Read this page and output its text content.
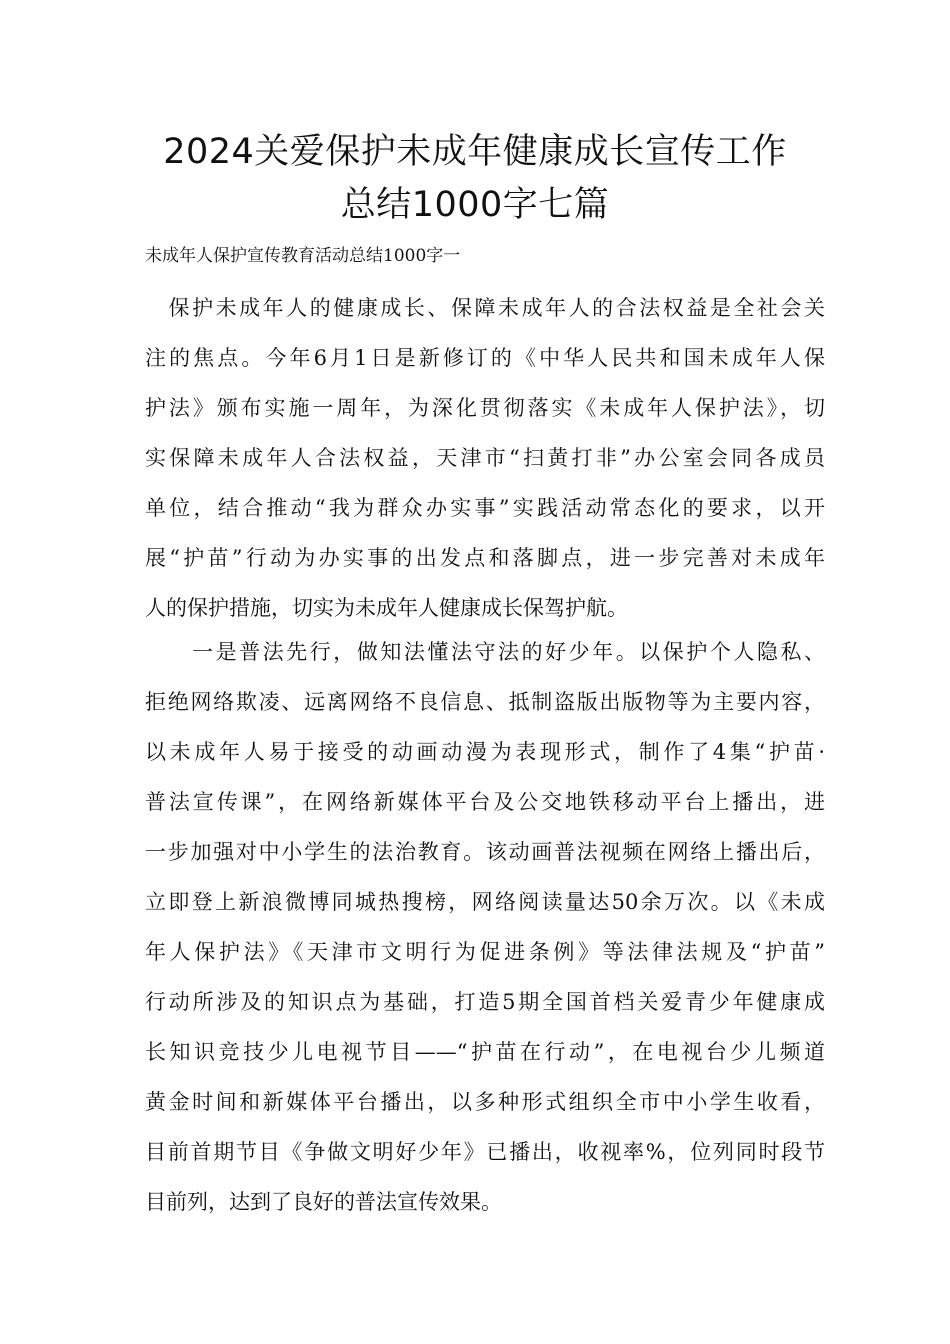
2024关爱保护未成年健康成长宣传工作
总结1000字七篇

未成年人保护宣传教育活动总结1000字一

　保护未成年人的健康成长、保障未成年人的合法权益是全社会关
注的焦点。今年6月1日是新修订的《中华人民共和国未成年人保
护法》颁布实施一周年，为深化贯彻落实《未成年人保护法》，切
实保障未成年人合法权益，天津市“扫黄打非”办公室会同各成员
单位，结合推动“我为群众办实事”实践活动常态化的要求，以开
展“护苗”行动为办实事的出发点和落脚点，进一步完善对未成年
人的保护措施，切实为未成年人健康成长保驾护航。
　　一是普法先行，做知法懂法守法的好少年。以保护个人隐私、
拒绝网络欺凌、远离网络不良信息、抵制盗版出版物等为主要内容，
以未成年人易于接受的动画动漫为表现形式，制作了4集“护苗·
普法宣传课”，在网络新媒体平台及公交地铁移动平台上播出，进
一步加强对中小学生的法治教育。该动画普法视频在网络上播出后，
立即登上新浪微博同城热搜榜，网络阅读量达50余万次。以《未成
年人保护法》《天津市文明行为促进条例》等法律法规及“护苗”
行动所涉及的知识点为基础，打造5期全国首档关爱青少年健康成
长知识竞技少儿电视节目——“护苗在行动”，在电视台少儿频道
黄金时间和新媒体平台播出，以多种形式组织全市中小学生收看，
目前首期节目《争做文明好少年》已播出，收视率%，位列同时段节
目前列，达到了良好的普法宣传效果。
